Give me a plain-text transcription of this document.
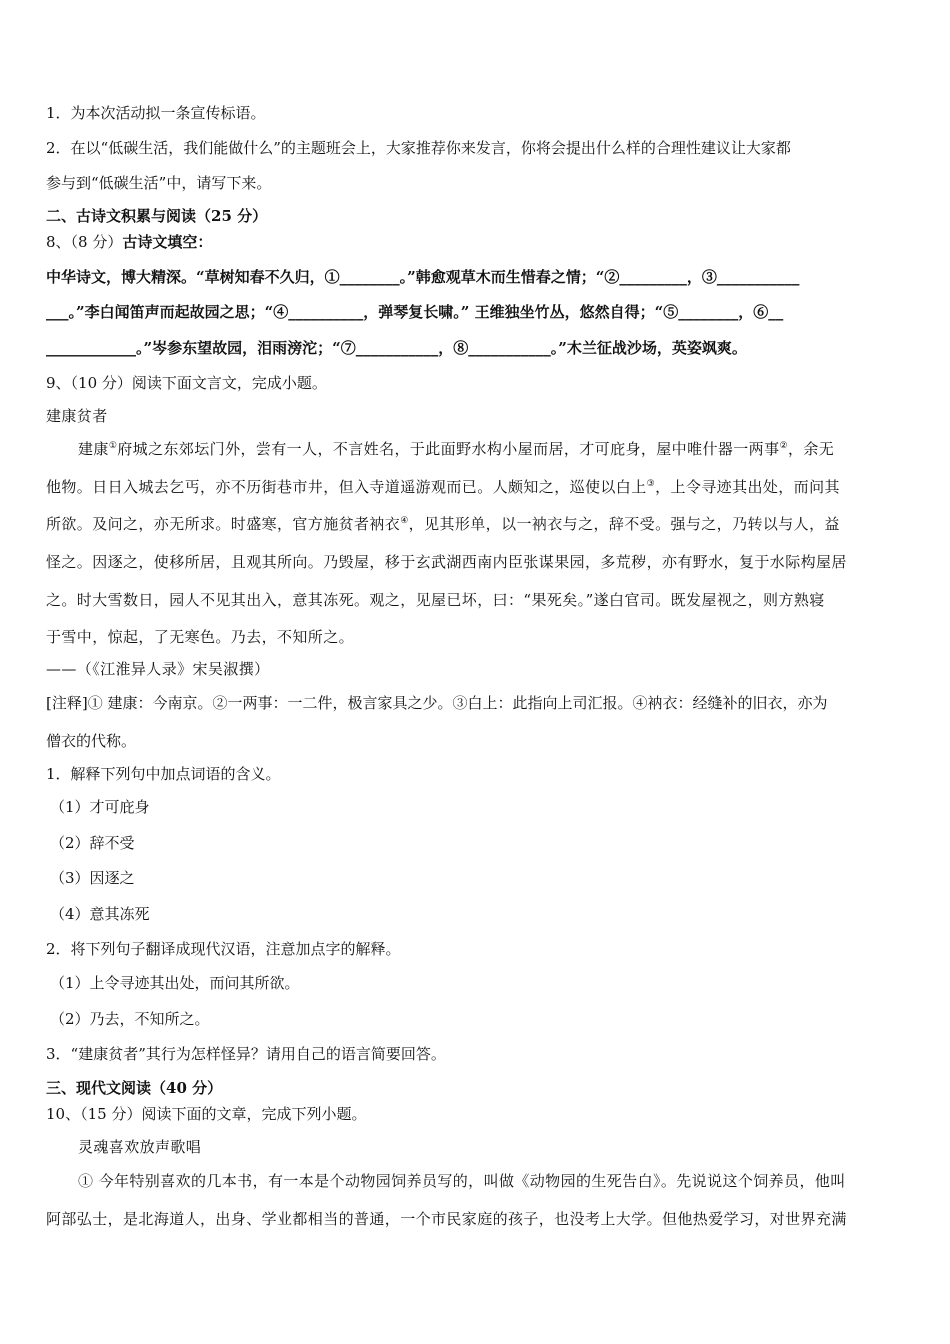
1．为本次活动拟一条宣传标语。
2．在以“低碳生活，我们能做什么”的主题班会上，大家推荐你来发言，你将会提出什么样的合理性建议让大家都
参与到“低碳生活”中，请写下来。
二、古诗文积累与阅读（25 分）
8、（8 分）古诗文填空：
中华诗文，博大精深。“草树知春不久归，①________。”韩愈观草木而生惜春之情；“②_________，③___________
___。”李白闻笛声而起故园之思；“④__________，弹琴复长啸。” 王维独坐竹丛，悠然自得；“⑤________，⑥__
____________。”岑参东望故园，泪雨滂沱；“⑦___________，⑧___________。”木兰征战沙场，英姿飒爽。
9、（10 分）阅读下面文言文，完成小题。
建康贫者
建康①府城之东郊坛门外，尝有一人，不言姓名，于此面野水构小屋而居，才可庇身，屋中唯什器一两事②，余无
他物。日日入城去乞丐，亦不历街巷市井，但入寺道遥游观而已。人颇知之，巡使以白上③，上令寻迹其出处，而问其
所欲。及问之，亦无所求。时盛寒，官方施贫者衲衣④，见其形单，以一衲衣与之，辞不受。强与之，乃转以与人，益
怪之。因逐之，使移所居，且观其所向。乃毁屋，移于玄武湖西南内臣张谋果园，多荒秽，亦有野水，复于水际构屋居
之。时大雪数日，园人不见其出入，意其冻死。观之，见屋已坏，曰：“果死矣。”遂白官司。既发屋视之，则方熟寝
于雪中，惊起，了无寒色。乃去，不知所之。
——（《江淮异人录》宋吴淑撰）
[注释]① 建康：今南京。②一两事：一二件，极言家具之少。③白上：此指向上司汇报。④衲衣：经缝补的旧衣，亦为
僧衣的代称。
1．解释下列句中加点词语的含义。
（1）才可庇身
（2）辞不受
（3）因逐之
（4）意其冻死
2．将下列句子翻译成现代汉语，注意加点字的解释。
（1）上令寻迹其出处，而问其所欲。
（2）乃去，不知所之。
3．“建康贫者”其行为怎样怪异？请用自己的语言简要回答。
三、现代文阅读（40 分）
10、（15 分）阅读下面的文章，完成下列小题。
灵魂喜欢放声歌唱
① 今年特别喜欢的几本书，有一本是个动物园饲养员写的，叫做《动物园的生死告白》。先说说这个饲养员，他叫
阿部弘士，是北海道人，出身、学业都相当的普通，一个市民家庭的孩子，也没考上大学。但他热爱学习，对世界充满
